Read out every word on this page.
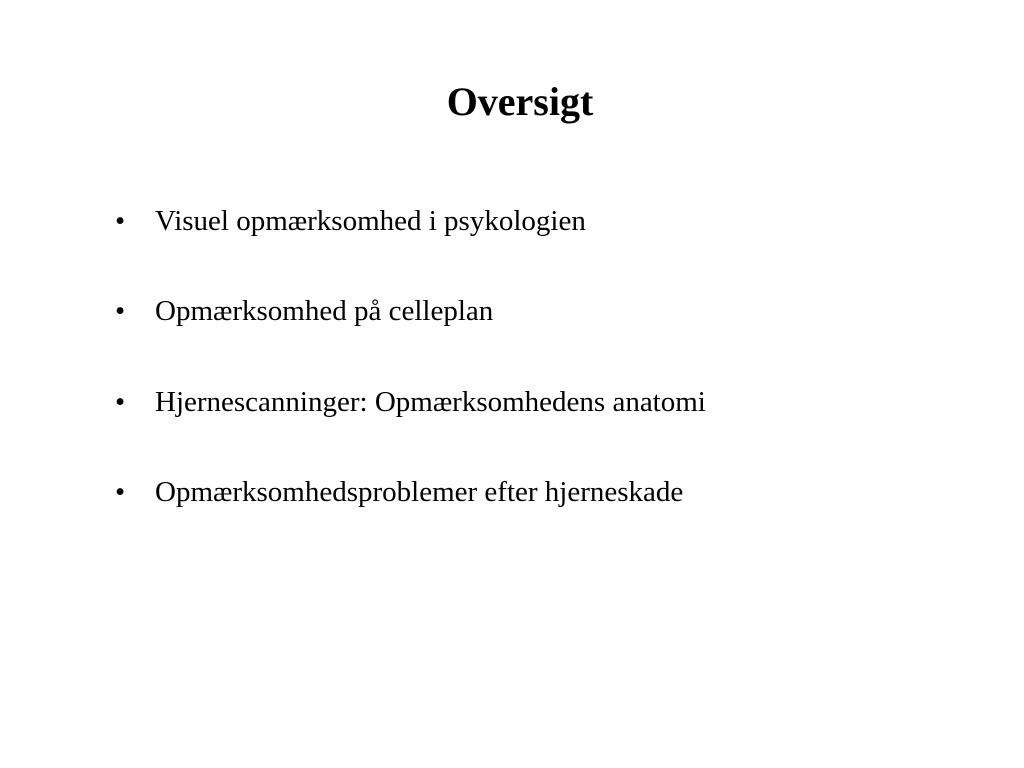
Oversigt
• Visuel opmærksomhed i psykologien
• Opmærksomhed på celleplan
• Hjernescanninger: Opmærksomhedens anatomi
• Opmærksomhedsproblemer efter hjerneskade
